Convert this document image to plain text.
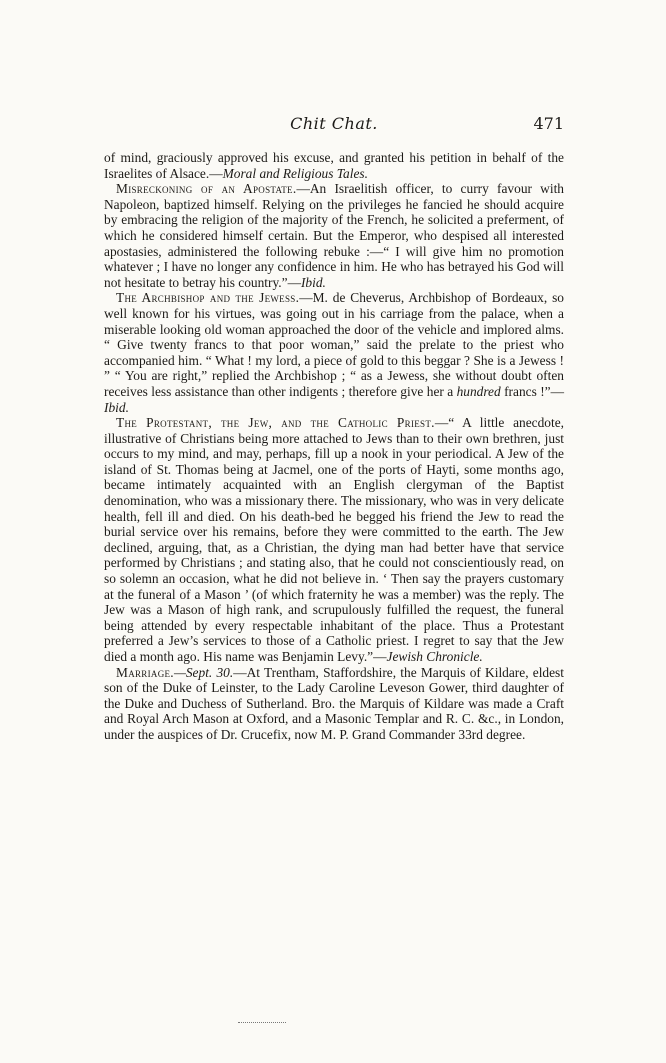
Chit Chat.	471

of mind, graciously approved his excuse, and granted his petition in behalf of the Israelites of Alsace.—Moral and Religious Tales.

Misreckoning of an Apostate.—An Israelitish officer, to curry favour with Napoleon, baptized himself. Relying on the privileges he fancied he should acquire by embracing the religion of the majority of the French, he solicited a preferment, of which he considered himself certain. But the Emperor, who despised all interested apostasies, administered the following rebuke :—“ I will give him no promotion whatever ; I have no longer any confidence in him. He who has betrayed his God will not hesitate to betray his country.”—Ibid.

The Archbishop and the Jewess.—M. de Cheverus, Archbishop of Bordeaux, so well known for his virtues, was going out in his carriage from the palace, when a miserable looking old woman approached the door of the vehicle and implored alms. “ Give twenty francs to that poor woman,” said the prelate to the priest who accompanied him. “ What ! my lord, a piece of gold to this beggar ? She is a Jewess ! ” “ You are right,” replied the Archbishop ; “ as a Jewess, she without doubt often receives less assistance than other indigents ; therefore give her a hundred francs !”—Ibid.

The Protestant, the Jew, and the Catholic Priest.—“ A little anecdote, illustrative of Christians being more attached to Jews than to their own brethren, just occurs to my mind, and may, perhaps, fill up a nook in your periodical. A Jew of the island of St. Thomas being at Jacmel, one of the ports of Hayti, some months ago, became intimately acquainted with an English clergyman of the Baptist denomination, who was a missionary there. The missionary, who was in very delicate health, fell ill and died. On his death-bed he begged his friend the Jew to read the burial service over his remains, before they were committed to the earth. The Jew declined, arguing, that, as a Christian, the dying man had better have that service performed by Christians ; and stating also, that he could not conscientiously read, on so solemn an occasion, what he did not believe in. ‘ Then say the prayers customary at the funeral of a Mason ’ (of which fraternity he was a member) was the reply. The Jew was a Mason of high rank, and scrupulously fulfilled the request, the funeral being attended by every respectable inhabitant of the place. Thus a Protestant preferred a Jew’s services to those of a Catholic priest. I regret to say that the Jew died a month ago. His name was Benjamin Levy.”—Jewish Chronicle.

Marriage.—Sept. 30.—At Trentham, Staffordshire, the Marquis of Kildare, eldest son of the Duke of Leinster, to the Lady Caroline Leveson Gower, third daughter of the Duke and Duchess of Sutherland. Bro. the Marquis of Kildare was made a Craft and Royal Arch Mason at Oxford, and a Masonic Templar and R. C. &c., in London, under the auspices of Dr. Crucefix, now M. P. Grand Commander 33rd degree.
